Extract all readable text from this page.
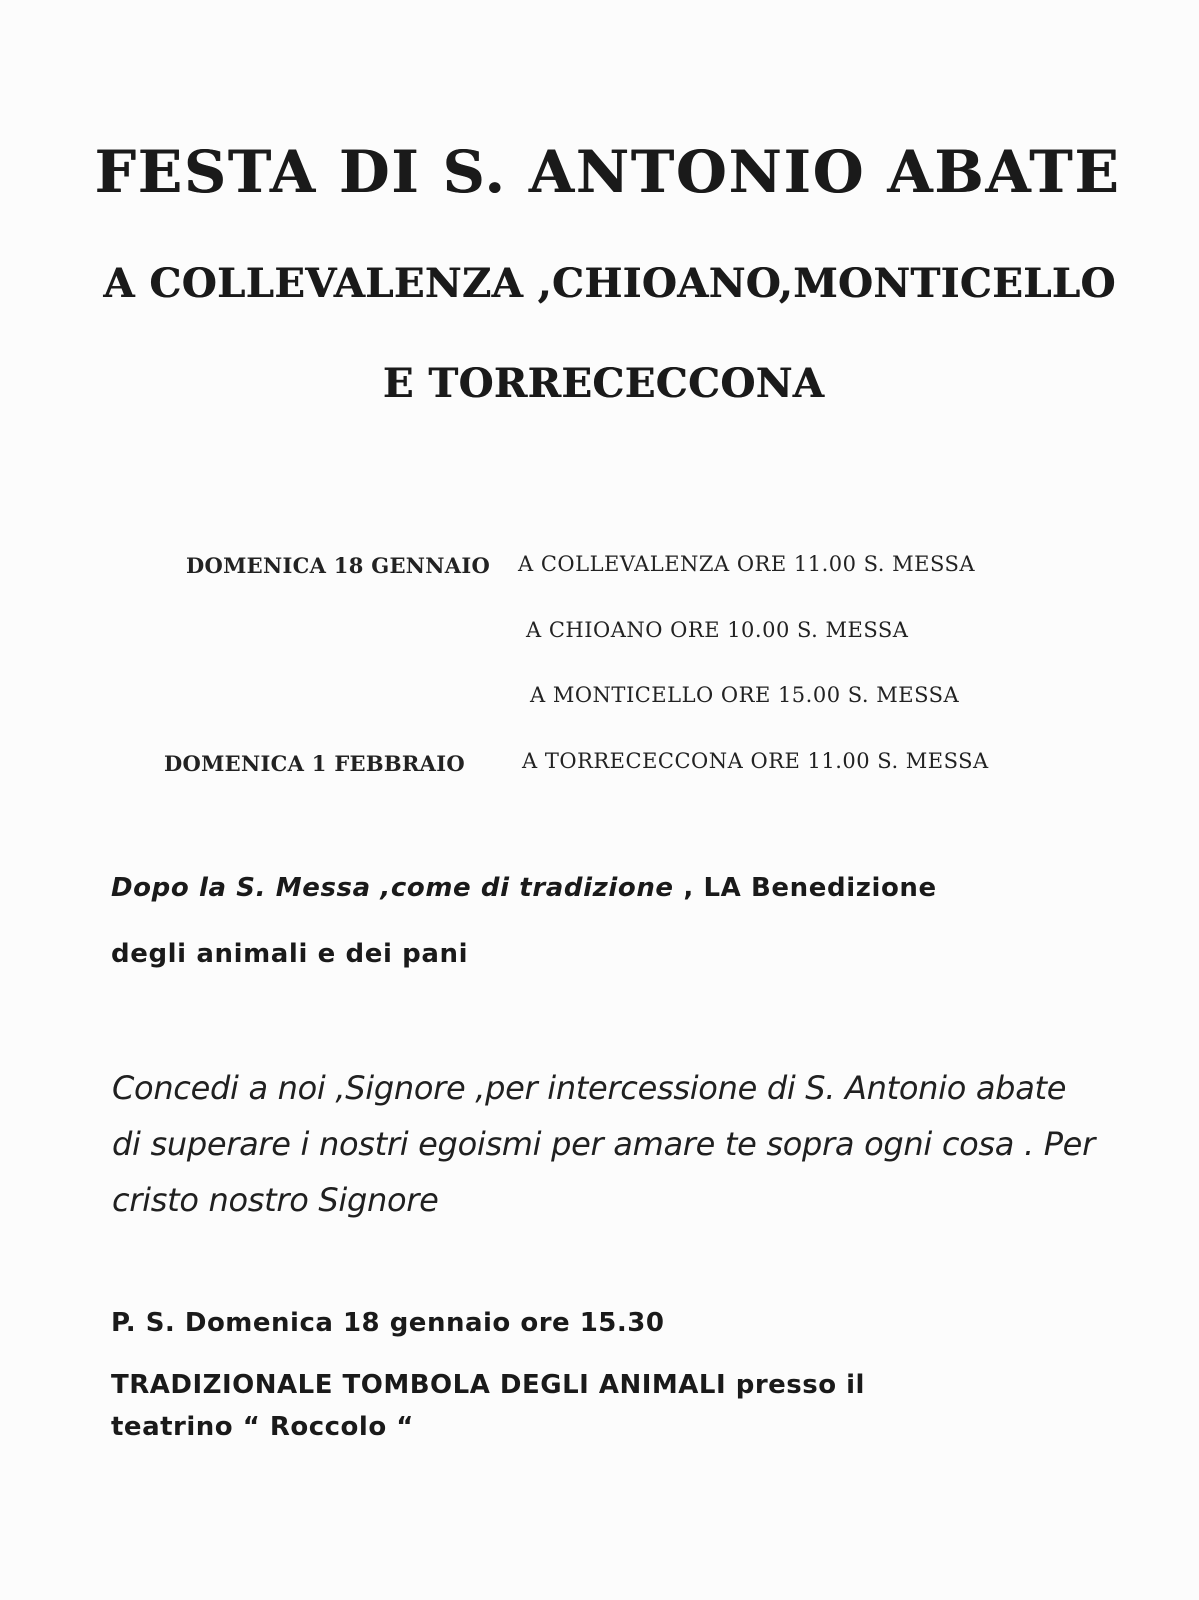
FESTA DI S. ANTONIO ABATE
A COLLEVALENZA ,CHIOANO,MONTICELLO
E TORRECECCONA
DOMENICA 18 GENNAIO A COLLEVALENZA ORE 11.00 S. MESSA
A CHIOANO ORE 10.00 S. MESSA
A MONTICELLO ORE 15.00 S. MESSA
DOMENICA 1 FEBBRAIO	A TORRECECCONA ORE 11.00 S. MESSA
Dopo la S. Messa ,come di tradizione , LA Benedizione
degli animali e dei pani
Concedi a noi ,Signore ,per intercessione di S. Antonio abate
di superare i nostri egoismi per amare te sopra ogni cosa . Per
cristo nostro Signore
P. S. Domenica 18 gennaio ore 15.30
TRADIZIONALE TOMBOLA DEGLI ANIMALI presso il
teatrino “ Roccolo “
